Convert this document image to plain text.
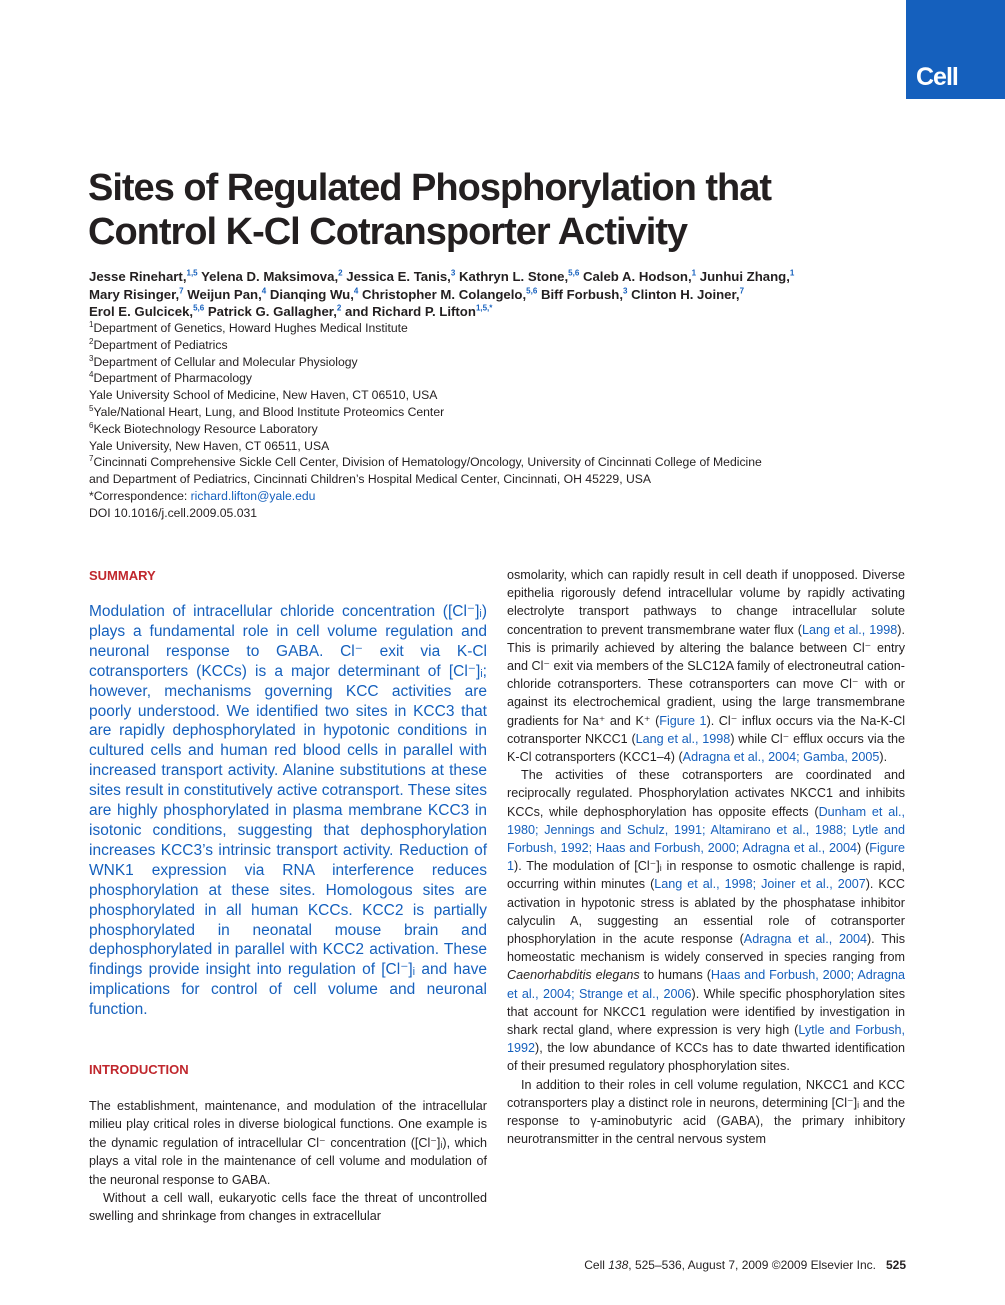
Cell
Sites of Regulated Phosphorylation that Control K-Cl Cotransporter Activity
Jesse Rinehart,$^{1,5}$ Yelena D. Maksimova,$^2$ Jessica E. Tanis,$^3$ Kathryn L. Stone,$^{5,6}$ Caleb A. Hodson,$^1$ Junhui Zhang,$^1$
Mary Risinger,$^7$ Weijun Pan,$^4$ Dianqing Wu,$^4$ Christopher M. Colangelo,$^{5,6}$ Biff Forbush,$^3$ Clinton H. Joiner,$^7$
Erol E. Gulcicek,$^{5,6}$ Patrick G. Gallagher,$^2$ and Richard P. Lifton$^{1,5,*}$
$^1$Department of Genetics, Howard Hughes Medical Institute
$^2$Department of Pediatrics
$^3$Department of Cellular and Molecular Physiology
$^4$Department of Pharmacology
Yale University School of Medicine, New Haven, CT 06510, USA
$^5$Yale/National Heart, Lung, and Blood Institute Proteomics Center
$^6$Keck Biotechnology Resource Laboratory
Yale University, New Haven, CT 06511, USA
$^7$Cincinnati Comprehensive Sickle Cell Center, Division of Hematology/Oncology, University of Cincinnati College of Medicine
and Department of Pediatrics, Cincinnati Children’s Hospital Medical Center, Cincinnati, OH 45229, USA
*Correspondence: richard.lifton@yale.edu
DOI 10.1016/j.cell.2009.05.031
SUMMARY

Modulation of intracellular chloride concentration ([Cl⁻]ᵢ) plays a fundamental role in cell volume regulation and neuronal response to GABA. Cl⁻ exit via K-Cl cotransporters (KCCs) is a major determinant of [Cl⁻]ᵢ; however, mechanisms governing KCC activities are poorly understood. We identified two sites in KCC3 that are rapidly dephosphorylated in hypotonic conditions in cultured cells and human red blood cells in parallel with increased transport activity. Alanine substitutions at these sites result in constitutively active cotransport. These sites are highly phosphorylated in plasma membrane KCC3 in isotonic conditions, suggesting that dephosphorylation increases KCC3’s intrinsic transport activity. Reduction of WNK1 expression via RNA interference reduces phosphorylation at these sites. Homologous sites are phosphorylated in all human KCCs. KCC2 is partially phosphorylated in neonatal mouse brain and dephosphorylated in parallel with KCC2 activation. These findings provide insight into regulation of [Cl⁻]ᵢ and have implications for control of cell volume and neuronal function.

INTRODUCTION

The establishment, maintenance, and modulation of the intracellular milieu play critical roles in diverse biological functions. One example is the dynamic regulation of intracellular Cl⁻ concentration ([Cl⁻]ᵢ), which plays a vital role in the maintenance of cell volume and modulation of the neuronal response to GABA.

Without a cell wall, eukaryotic cells face the threat of uncontrolled swelling and shrinkage from changes in extracellular

osmolarity, which can rapidly result in cell death if unopposed. Diverse epithelia rigorously defend intracellular volume by rapidly activating electrolyte transport pathways to change intracellular solute concentration to prevent transmembrane water flux (Lang et al., 1998). This is primarily achieved by altering the balance between Cl⁻ entry and Cl⁻ exit via members of the SLC12A family of electroneutral cation-chloride cotransporters. These cotransporters can move Cl⁻ with or against its electrochemical gradient, using the large transmembrane gradients for Na⁺ and K⁺ (Figure 1). Cl⁻ influx occurs via the Na-K-Cl cotransporter NKCC1 (Lang et al., 1998) while Cl⁻ efflux occurs via the K-Cl cotransporters (KCC1–4) (Adragna et al., 2004; Gamba, 2005).

The activities of these cotransporters are coordinated and reciprocally regulated. Phosphorylation activates NKCC1 and inhibits KCCs, while dephosphorylation has opposite effects (Dunham et al., 1980; Jennings and Schulz, 1991; Altamirano et al., 1988; Lytle and Forbush, 1992; Haas and Forbush, 2000; Adragna et al., 2004) (Figure 1). The modulation of [Cl⁻]ᵢ in response to osmotic challenge is rapid, occurring within minutes (Lang et al., 1998; Joiner et al., 2007). KCC activation in hypotonic stress is ablated by the phosphatase inhibitor calyculin A, suggesting an essential role of cotransporter phosphorylation in the acute response (Adragna et al., 2004). This homeostatic mechanism is widely conserved in species ranging from Caenorhabditis elegans to humans (Haas and Forbush, 2000; Adragna et al., 2004; Strange et al., 2006). While specific phosphorylation sites that account for NKCC1 regulation were identified by investigation in shark rectal gland, where expression is very high (Lytle and Forbush, 1992), the low abundance of KCCs has to date thwarted identification of their presumed regulatory phosphorylation sites.

In addition to their roles in cell volume regulation, NKCC1 and KCC cotransporters play a distinct role in neurons, determining [Cl⁻]ᵢ and the response to γ-aminobutyric acid (GABA), the primary inhibitory neurotransmitter in the central nervous system

Cell 138, 525–536, August 7, 2009 ©2009 Elsevier Inc. 525
